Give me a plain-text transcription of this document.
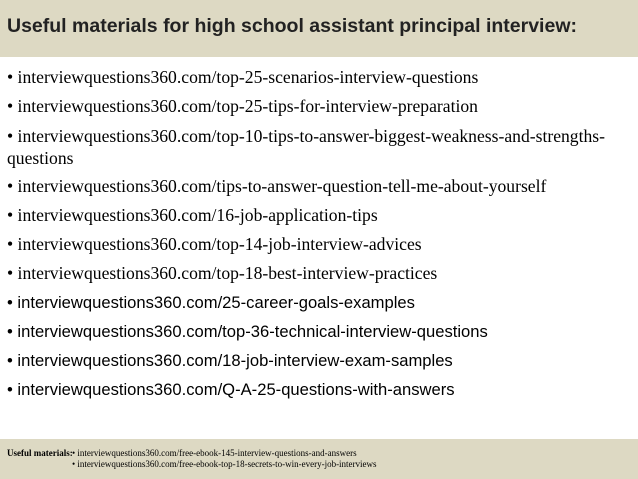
Useful materials for high school assistant principal interview:

• interviewquestions360.com/top-25-scenarios-interview-questions

• interviewquestions360.com/top-25-tips-for-interview-preparation

• interviewquestions360.com/top-10-tips-to-answer-biggest-weakness-and-strengths-questions

• interviewquestions360.com/tips-to-answer-question-tell-me-about-yourself

• interviewquestions360.com/16-job-application-tips

• interviewquestions360.com/top-14-job-interview-advices

• interviewquestions360.com/top-18-best-interview-practices

• interviewquestions360.com/25-career-goals-examples

• interviewquestions360.com/top-36-technical-interview-questions

• interviewquestions360.com/18-job-interview-exam-samples

• interviewquestions360.com/Q-A-25-questions-with-answers

Useful materials: • interviewquestions360.com/free-ebook-145-interview-questions-and-answers
• interviewquestions360.com/free-ebook-top-18-secrets-to-win-every-job-interviews
